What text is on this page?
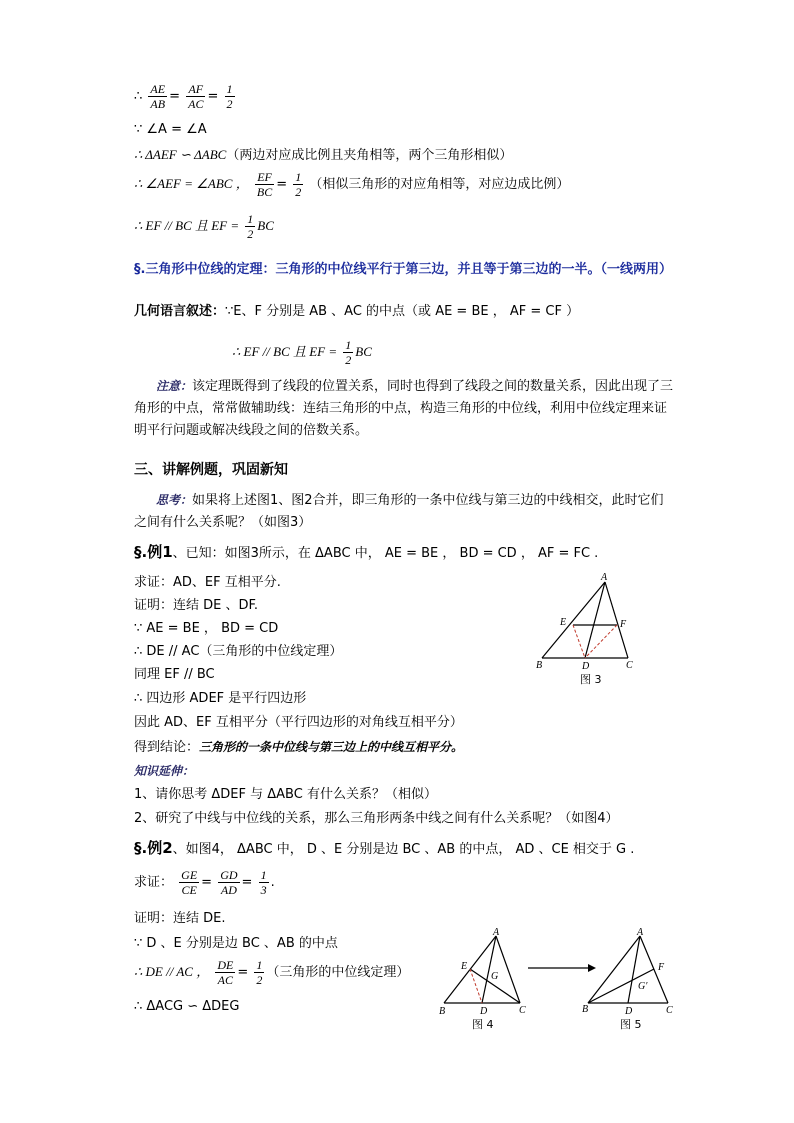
∴ $\frac{AE}{AB} = \frac{AF}{AC} = \frac{1}{2}$
∵ ∠A = ∠A
∴ ΔAEF ∽ ΔABC（两边对应成比例且夹角相等，两个三角形相似）
∴ ∠AEF = ∠ABC ， $\frac{EF}{BC} = \frac{1}{2}$ （相似三角形的对应角相等，对应边成比例）
∴ EF // BC 且 EF = $\frac{1}{2}$ BC
§.三角形中位线的定理：三角形的中位线平行于第三边，并且等于第三边的一半。（一线两用）
几何语言叙述：∵E、F 分别是 AB 、AC 的中点（或 AE = BE ， AF = CF ）
∴ EF // BC 且 EF = $\frac{1}{2}$ BC
注意：该定理既得到了线段的位置关系，同时也得到了线段之间的数量关系，因此出现了三角形的中点，常常做辅助线：连结三角形的中点，构造三角形的中位线，利用中位线定理来证明平行问题或解决线段之间的倍数关系。
三、讲解例题，巩固新知
思考：如果将上述图1、图2合并，即三角形的一条中位线与第三边的中线相交，此时它们之间有什么关系呢？（如图3）
§.例1、已知：如图3所示，在 ΔABC 中， AE = BE ， BD = CD ， AF = FC .
求证：AD、EF 互相平分.
证明：连结 DE 、DF.
∵ AE = BE ， BD = CD
∴ DE // AC（三角形的中位线定理）
同理 EF // BC
∴ 四边形 ADEF 是平行四边形
因此 AD、EF 互相平分（平行四边形的对角线互相平分）
得到结论：三角形的一条中位线与第三边上的中线互相平分。
知识延伸：
1、请你思考 ΔDEF 与 ΔABC 有什么关系？（相似）
2、研究了中线与中位线的关系，那么三角形两条中线之间有什么关系呢？（如图4）
§.例2、如图4， ΔABC 中， D 、E 分别是边 BC 、AB 的中点， AD 、CE 相交于 G .
求证： $\frac{GE}{CE} = \frac{GD}{AD} = \frac{1}{3}$ .
证明：连结 DE.
∵ D 、E 分别是边 BC 、AB 的中点
∴ DE // AC ， $\frac{DE}{AC} = \frac{1}{2}$ （三角形的中位线定理）
∴ ΔACG ∽ ΔDEG
A
E	F
B	D	C
图 3
A
E
G
B	D	C
图 4
A
F
G′
B	D	C
图 5
